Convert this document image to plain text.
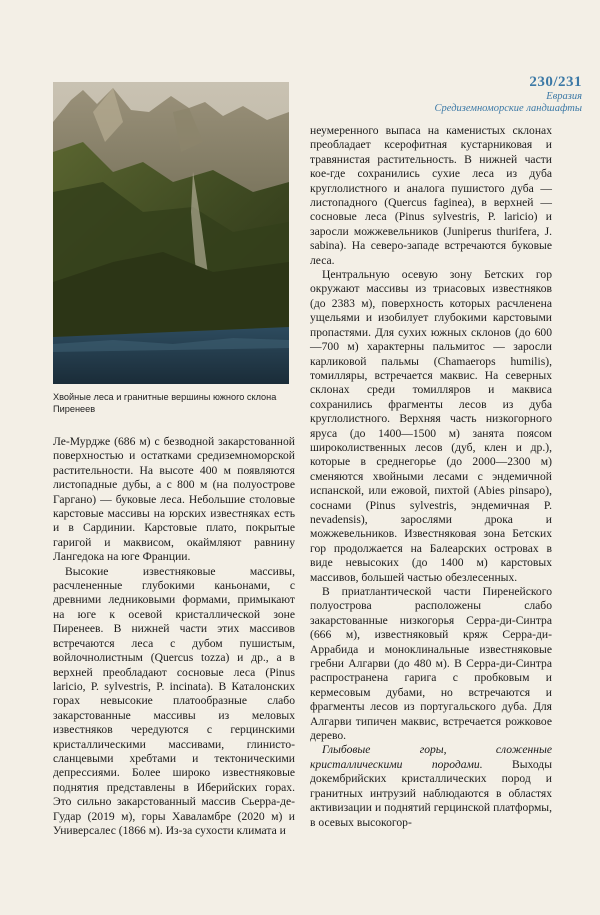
230/231
Евразия
Средиземноморские ландшафты
Хвойные леса и гранитные вершины южного склона Пиренеев

Ле-Мурдже (686 м) с безводной закарстованной поверхностью и остатками средиземноморской растительности. На высоте 400 м появляются листопадные дубы, а с 800 м (на полуострове Гаргано) — буковые леса. Небольшие столовые карстовые массивы на юрских известняках есть и в Сардинии. Карстовые плато, покрытые гаригой и маквисом, окаймляют равнину Лангедока на юге Франции.

Высокие известняковые массивы, расчлененные глубокими каньонами, с древними ледниковыми формами, примыкают на юге к осевой кристаллической зоне Пиренеев. В нижней части этих массивов встречаются леса с дубом пушистым, войлочнолистным (Quercus tozza) и др., а в верхней преобладают сосновые леса (Pinus laricio, P. sylvestris, P. incinata). В Каталонских горах невысокие платообразные слабо закарстованные массивы из меловых известняков чередуются с герцинскими кристаллическими массивами, глинисто-сланцевыми хребтами и тектоническими депрессиями. Более широко известняковые поднятия представлены в Иберийских горах. Это сильно закарстованный массив Сьерра-де-Гудар (2019 м), горы Хаваламбре (2020 м) и Универсалес (1866 м). Из-за сухости климата и

неумеренного выпаса на каменистых склонах преобладает ксерофитная кустарниковая и травянистая растительность. В нижней части кое-где сохранились сухие леса из дуба круглолистного и аналога пушистого дуба — листопадного (Quercus faginea), в верхней — сосновые леса (Pinus sylvestris, P. laricio) и заросли можжевельников (Juniperus thurifera, J. sabina). На северо-западе встречаются буковые леса.

Центральную осевую зону Бетских гор окружают массивы из триасовых известняков (до 2383 м), поверхность которых расчленена ущельями и изобилует глубокими карстовыми пропастями. Для сухих южных склонов (до 600—700 м) характерны пальмитос — заросли карликовой пальмы (Chamaerops humilis), томилляры, встречается маквис. На северных склонах среди томилляров и маквиса сохранились фрагменты лесов из дуба круглолистного. Верхняя часть низкогорного яруса (до 1400—1500 м) занята поясом широколиственных лесов (дуб, клен и др.), которые в среднегорье (до 2000—2300 м) сменяются хвойными лесами с эндемичной испанской, или ежовой, пихтой (Abies pinsapo), соснами (Pinus sylvestris, эндемичная P. nevadensis), зарослями дрока и можжевельников. Известняковая зона Бетских гор продолжается на Балеарских островах в виде невысоких (до 1400 м) карстовых массивов, большей частью обезлесенных.

В приатлантической части Пиренейского полуострова расположены слабо закарстованные низкогорья Серра-ди-Синтра (666 м), известняковый кряж Серра-ди-Аррабида и моноклинальные известняковые гребни Алгарви (до 480 м). В Серра-ди-Синтра распространена гарига с пробковым и кермесовым дубами, но встречаются и фрагменты лесов из португальского дуба. Для Алгарви типичен маквис, встречается рожковое дерево.

Глыбовые горы, сложенные кристаллическими породами. Выходы докембрийских кристаллических пород и гранитных интрузий наблюдаются в областях активизации и поднятий герцинской платформы, в осевых высокогор-
